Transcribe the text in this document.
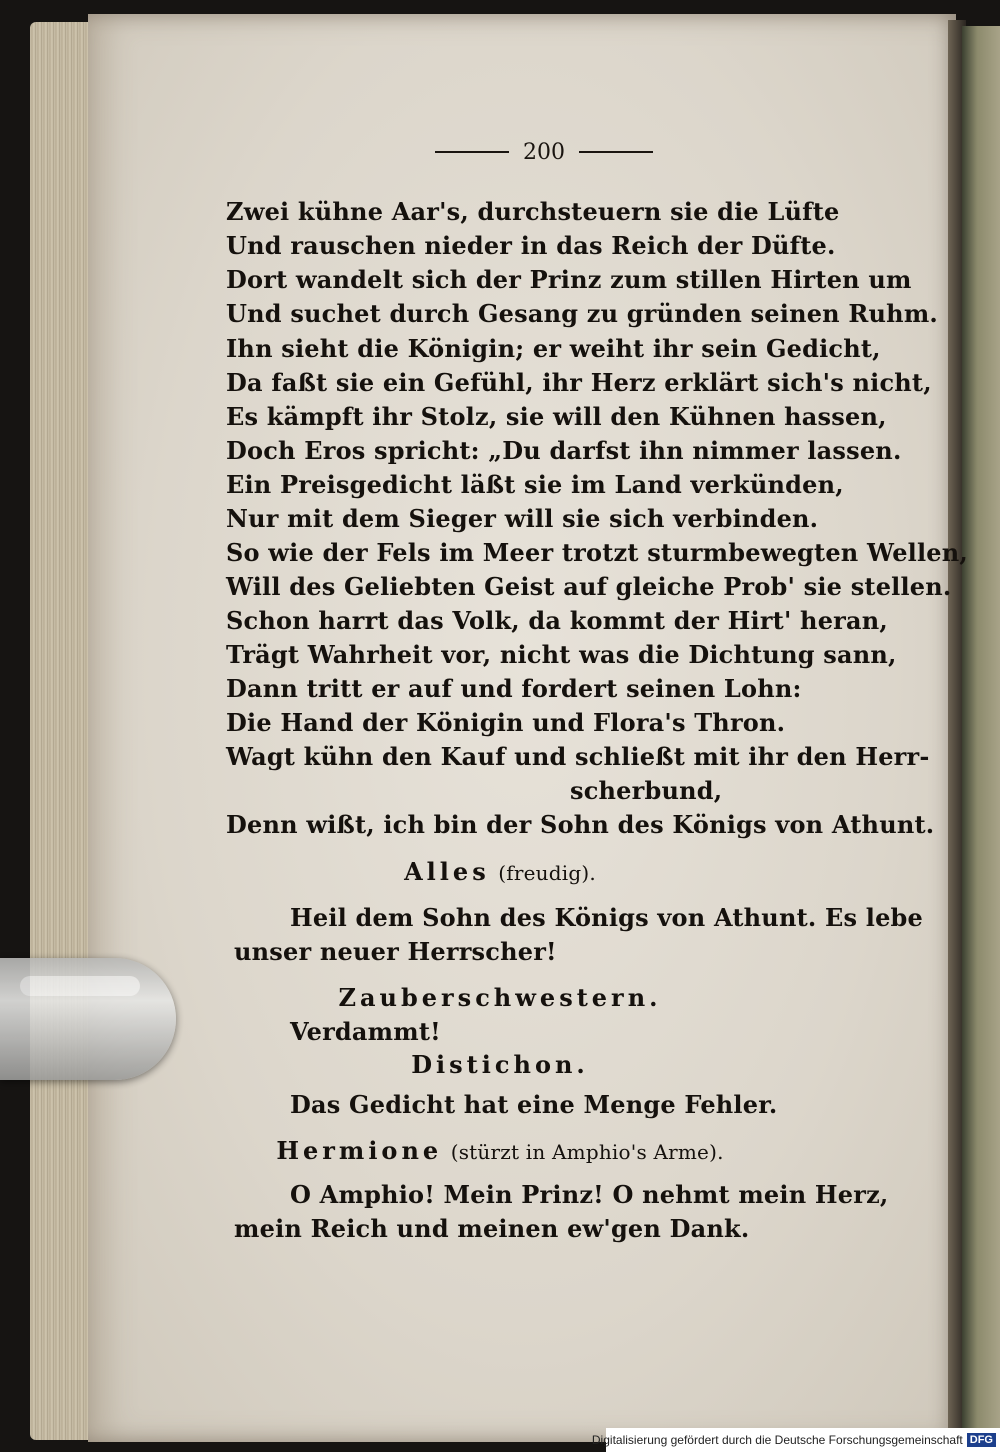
200
Zwei kühne Aar's, durchsteuern sie die Lüfte
Und rauschen nieder in das Reich der Düfte.
Dort wandelt sich der Prinz zum stillen Hirten um
Und suchet durch Gesang zu gründen seinen Ruhm.
Ihn sieht die Königin; er weiht ihr sein Gedicht,
Da faßt sie ein Gefühl, ihr Herz erklärt sich's nicht,
Es kämpft ihr Stolz, sie will den Kühnen hassen,
Doch Eros spricht: „Du darfst ihn nimmer lassen.
Ein Preisgedicht läßt sie im Land verkünden,
Nur mit dem Sieger will sie sich verbinden.
So wie der Fels im Meer trotzt sturmbewegten Wellen,
Will des Geliebten Geist auf gleiche Prob' sie stellen.
Schon harrt das Volk, da kommt der Hirt' heran,
Trägt Wahrheit vor, nicht was die Dichtung sann,
Dann tritt er auf und fordert seinen Lohn:
Die Hand der Königin und Flora's Thron.
Wagt kühn den Kauf und schließt mit ihr den Herr-
scherbund,
Denn wißt, ich bin der Sohn des Königs von Athunt.
Alles (freudig).
Heil dem Sohn des Königs von Athunt. Es lebe
unser neuer Herrscher!
Zauberschwestern.
Verdammt!
Distichon.
Das Gedicht hat eine Menge Fehler.
Hermione (stürzt in Amphio's Arme).
O Amphio! Mein Prinz! O nehmt mein Herz,
mein Reich und meinen ew'gen Dank.
Digitalisierung gefördert durch die Deutsche Forschungsgemeinschaft DFG
